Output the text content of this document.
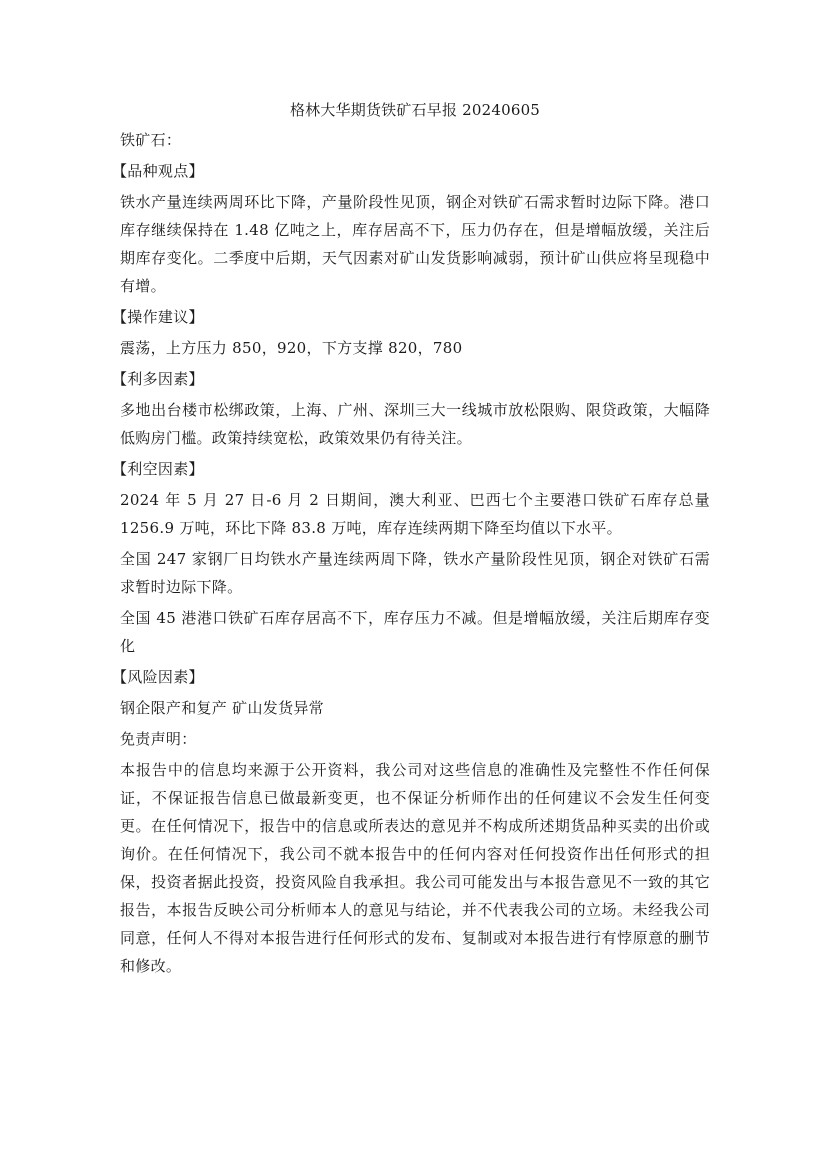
格林大华期货铁矿石早报 20240605
铁矿石：
【品种观点】
铁水产量连续两周环比下降，产量阶段性见顶，钢企对铁矿石需求暂时边际下降。港口库存继续保持在 1.48 亿吨之上，库存居高不下，压力仍存在，但是增幅放缓，关注后期库存变化。二季度中后期，天气因素对矿山发货影响减弱，预计矿山供应将呈现稳中有增。
【操作建议】
震荡，上方压力 850，920，下方支撑 820，780
【利多因素】
多地出台楼市松绑政策，上海、广州、深圳三大一线城市放松限购、限贷政策，大幅降低购房门槛。政策持续宽松，政策效果仍有待关注。
【利空因素】
2024 年 5 月 27 日-6 月 2 日期间，澳大利亚、巴西七个主要港口铁矿石库存总量 1256.9 万吨，环比下降 83.8 万吨，库存连续两期下降至均值以下水平。
全国 247 家钢厂日均铁水产量连续两周下降，铁水产量阶段性见顶，钢企对铁矿石需求暂时边际下降。
全国 45 港港口铁矿石库存居高不下，库存压力不减。但是增幅放缓，关注后期库存变化
【风险因素】
钢企限产和复产 矿山发货异常
免责声明：
本报告中的信息均来源于公开资料，我公司对这些信息的准确性及完整性不作任何保证，不保证报告信息已做最新变更，也不保证分析师作出的任何建议不会发生任何变更。在任何情况下，报告中的信息或所表达的意见并不构成所述期货品种买卖的出价或询价。在任何情况下，我公司不就本报告中的任何内容对任何投资作出任何形式的担保，投资者据此投资，投资风险自我承担。我公司可能发出与本报告意见不一致的其它报告，本报告反映公司分析师本人的意见与结论，并不代表我公司的立场。未经我公司同意，任何人不得对本报告进行任何形式的发布、复制或对本报告进行有悖原意的删节和修改。
